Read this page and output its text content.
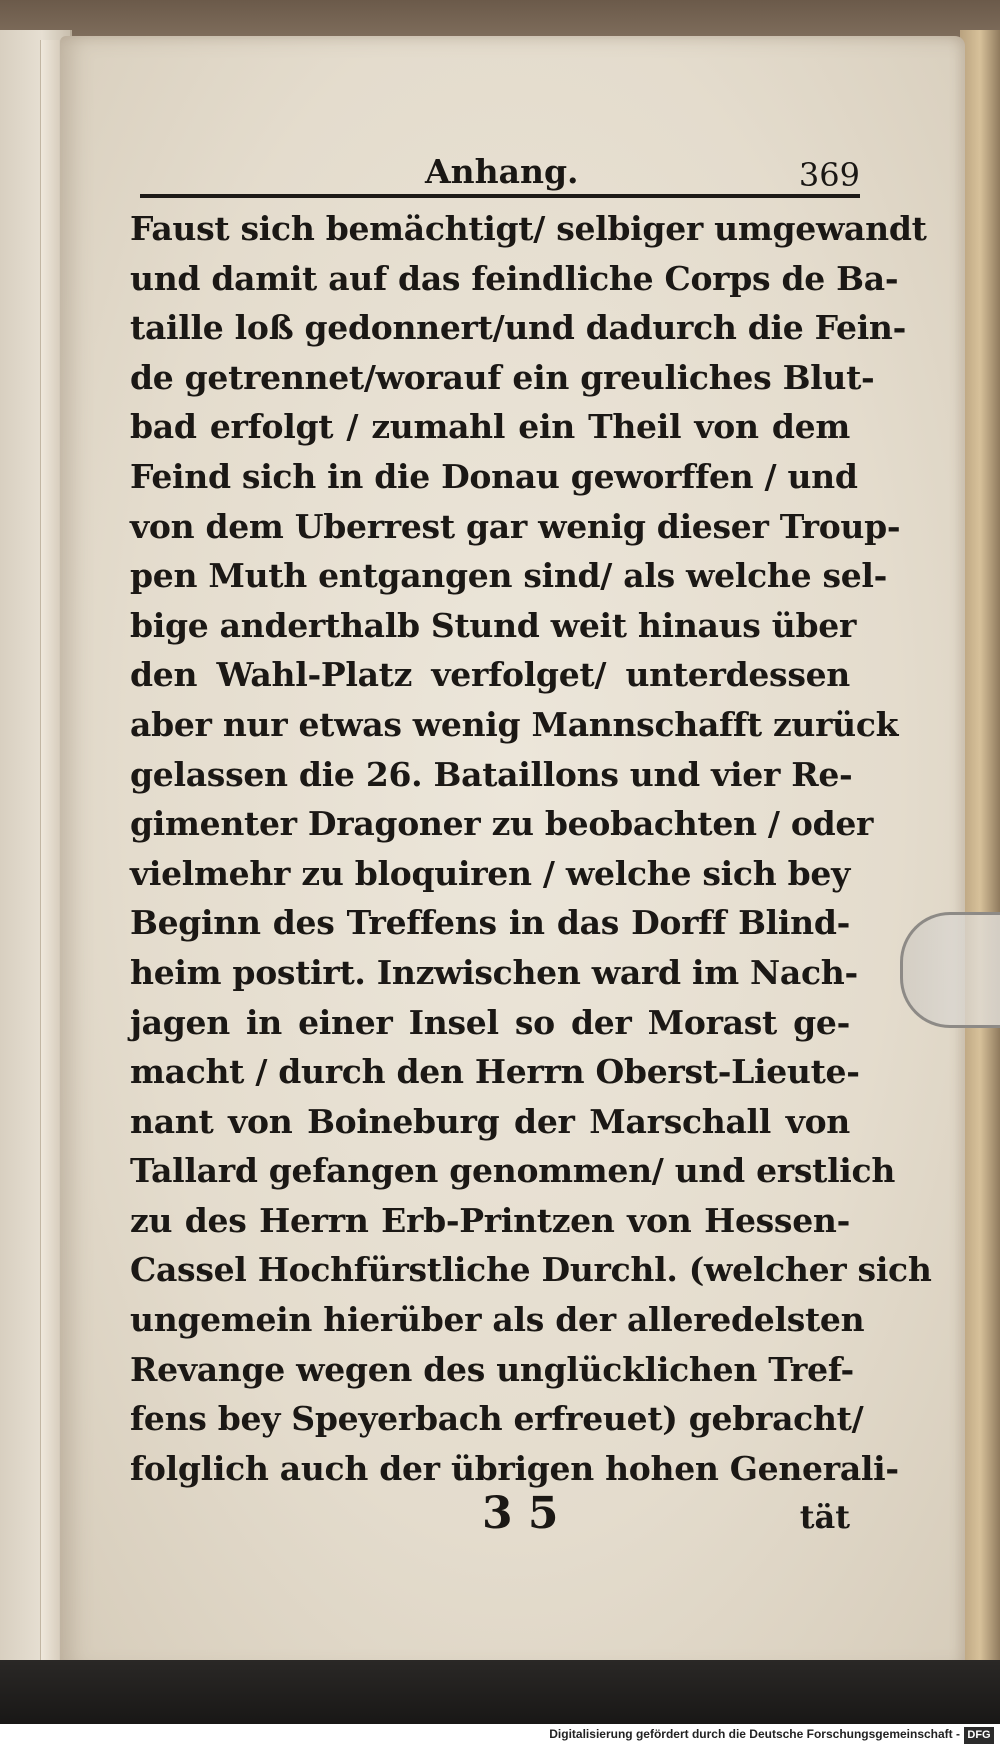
Anhang.	369
Faust sich bemächtigt/ selbiger umgewandt
und damit auf das feindliche Corps de Ba-
taille loß gedonnert/und dadurch die Fein-
de getrennet/worauf ein greuliches Blut-
bad erfolgt / zumahl ein Theil von dem
Feind sich in die Donau geworffen / und
von dem Uberrest gar wenig dieser Troup-
pen Muth entgangen sind/ als welche sel-
bige anderthalb Stund weit hinaus über
den Wahl-Platz verfolget/ unterdessen
aber nur etwas wenig Mannschafft zurück
gelassen die 26. Bataillons und vier Re-
gimenter Dragoner zu beobachten / oder
vielmehr zu bloquiren / welche sich bey
Beginn des Treffens in das Dorff Blind-
heim postirt. Inzwischen ward im Nach-
jagen in einer Insel so der Morast ge-
macht / durch den Herrn Oberst-Lieute-
nant von Boineburg der Marschall von
Tallard gefangen genommen/ und erstlich
zu des Herrn Erb-Printzen von Hessen-
Cassel Hochfürstliche Durchl. (welcher sich
ungemein hierüber als der alleredelsten
Revange wegen des unglücklichen Tref-
fens bey Speyerbach erfreuet) gebracht/
folglich auch der übrigen hohen Generali-
3 5	tät
Digitalisierung gefördert durch die Deutsche Forschungsgemeinschaft - DFG
